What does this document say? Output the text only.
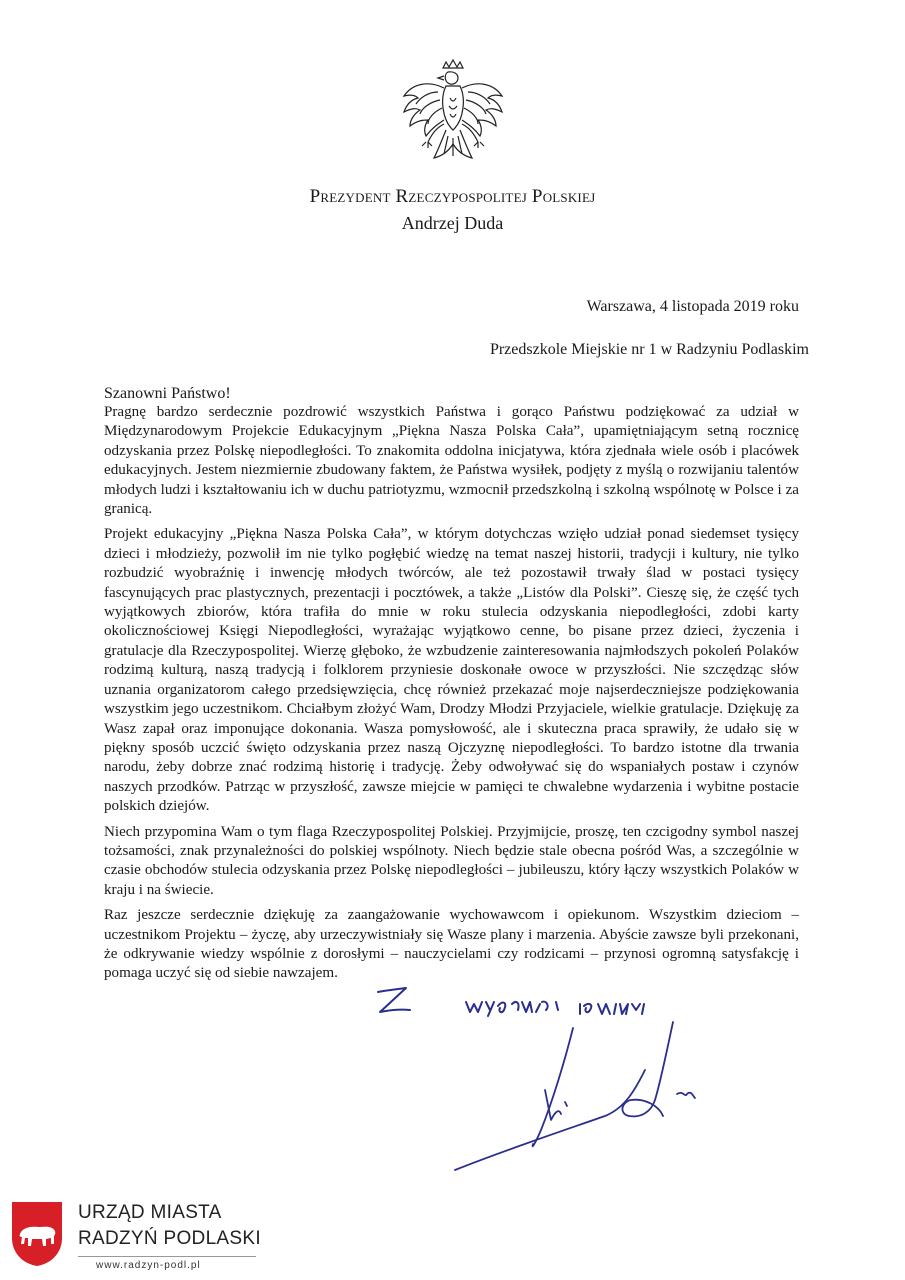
Prezydent Rzeczypospolitej Polskiej
Andrzej Duda
Warszawa, 4 listopada 2019 roku
Przedszkole Miejskie nr 1 w Radzyniu Podlaskim
Szanowni Państwo!

Pragnę bardzo serdecznie pozdrowić wszystkich Państwa i gorąco Państwu podziękować za udział w Międzynarodowym Projekcie Edukacyjnym „Piękna Nasza Polska Cała”, upamiętniającym setną rocznicę odzyskania przez Polskę niepodległości. To znakomita oddolna inicjatywa, która zjednała wiele osób i placówek edukacyjnych. Jestem niezmiernie zbudowany faktem, że Państwa wysiłek, podjęty z myślą o rozwijaniu talentów młodych ludzi i kształtowaniu ich w duchu patriotyzmu, wzmocnił przedszkolną i szkolną wspólnotę w Polsce i za granicą.

Projekt edukacyjny „Piękna Nasza Polska Cała”, w którym dotychczas wzięło udział ponad siedemset tysięcy dzieci i młodzieży, pozwolił im nie tylko pogłębić wiedzę na temat naszej historii, tradycji i kultury, nie tylko rozbudzić wyobraźnię i inwencję młodych twórców, ale też pozostawił trwały ślad w postaci tysięcy fascynujących prac plastycznych, prezentacji i pocztówek, a także „Listów dla Polski”. Cieszę się, że część tych wyjątkowych zbiorów, która trafiła do mnie w roku stulecia odzyskania niepodległości, zdobi karty okolicznościowej Księgi Niepodległości, wyrażając wyjątkowo cenne, bo pisane przez dzieci, życzenia i gratulacje dla Rzeczypospolitej. Wierzę głęboko, że wzbudzenie zainteresowania najmłodszych pokoleń Polaków rodzimą kulturą, naszą tradycją i folklorem przyniesie doskonałe owoce w przyszłości. Nie szczędząc słów uznania organizatorom całego przedsięwzięcia, chcę również przekazać moje najserdeczniejsze podziękowania wszystkim jego uczestnikom. Chciałbym złożyć Wam, Drodzy Młodzi Przyjaciele, wielkie gratulacje. Dziękuję za Wasz zapał oraz imponujące dokonania. Wasza pomysłowość, ale i skuteczna praca sprawiły, że udało się w piękny sposób uczcić święto odzyskania przez naszą Ojczyznę niepodległości. To bardzo istotne dla trwania narodu, żeby dobrze znać rodzimą historię i tradycję. Żeby odwoływać się do wspaniałych postaw i czynów naszych przodków. Patrząc w przyszłość, zawsze miejcie w pamięci te chwalebne wydarzenia i wybitne postacie polskich dziejów.

Niech przypomina Wam o tym flaga Rzeczypospolitej Polskiej. Przyjmijcie, proszę, ten czcigodny symbol naszej tożsamości, znak przynależności do polskiej wspólnoty. Niech będzie stale obecna pośród Was, a szczególnie w czasie obchodów stulecia odzyskania przez Polskę niepodległości – jubileuszu, który łączy wszystkich Polaków w kraju i na świecie.

Raz jeszcze serdecznie dziękuję za zaangażowanie wychowawcom i opiekunom. Wszystkim dzieciom – uczestnikom Projektu – życzę, aby urzeczywistniały się Wasze plany i marzenia. Abyście zawsze byli przekonani, że odkrywanie wiedzy wspólnie z dorosłymi – nauczycielami czy rodzicami – przynosi ogromną satysfakcję i pomaga uczyć się od siebie nawzajem.

URZĄD MIASTA
RADZYŃ PODLASKI
www.radzyn-podl.pl
